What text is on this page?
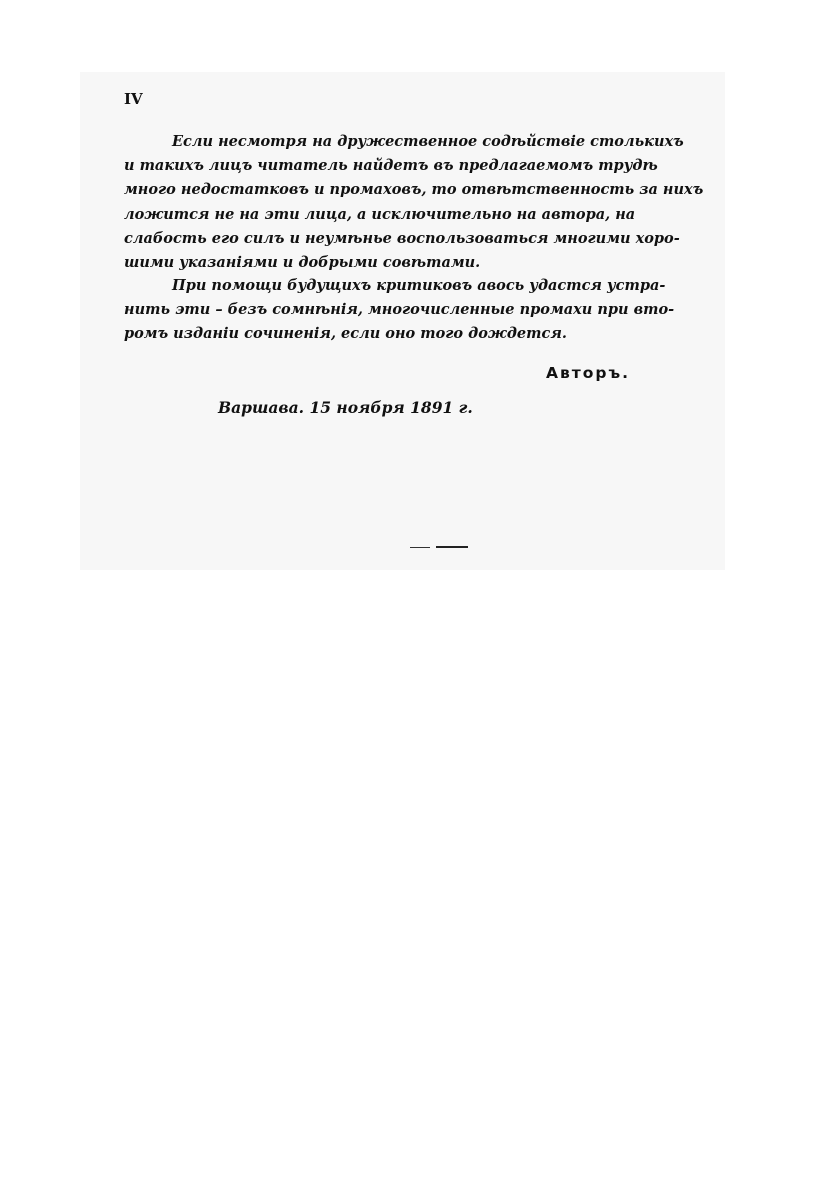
IV

Если несмотря на дружественное содѣйствіе столькихъ
и такихъ лицъ читатель найдетъ въ предлагаемомъ трудѣ
много недостатковъ и промаховъ, то отвѣтственность за нихъ
ложится не на эти лица, а исключительно на автора, на
слабость его силъ и неумѣнье воспользоваться многими хоро-
шими указаніями и добрыми совѣтами.

При помощи будущихъ критиковъ авось удастся устра-
нить эти – безъ сомнѣнія, многочисленные промахи при вто-
ромъ изданіи сочиненія, если оно того дождется.

Авторъ.
Варшава. 15 ноября 1891 г.
